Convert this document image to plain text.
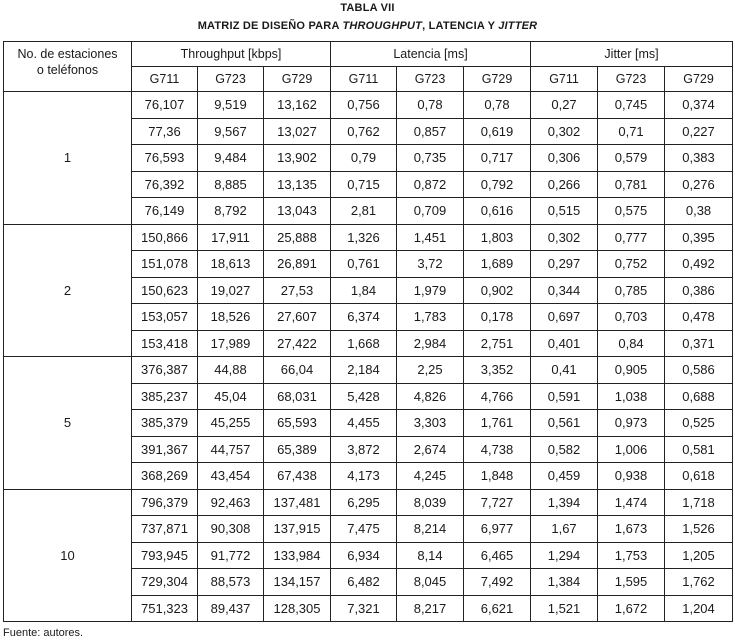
TABLA VII
MATRIZ DE DISEÑO PARA THROUGHPUT, LATENCIA Y JITTER
No. de estaciones
o teléfonos	Throughput [kbps]			Latencia [ms]			Jitter [ms]		
	G711	G723	G729	G711	G723	G729	G711	G723	G729
1	76,107	9,519	13,162	0,756	0,78	0,78	0,27	0,745	0,374
	77,36	9,567	13,027	0,762	0,857	0,619	0,302	0,71	0,227
	76,593	9,484	13,902	0,79	0,735	0,717	0,306	0,579	0,383
	76,392	8,885	13,135	0,715	0,872	0,792	0,266	0,781	0,276
	76,149	8,792	13,043	2,81	0,709	0,616	0,515	0,575	0,38
2	150,866	17,911	25,888	1,326	1,451	1,803	0,302	0,777	0,395
	151,078	18,613	26,891	0,761	3,72	1,689	0,297	0,752	0,492
	150,623	19,027	27,53	1,84	1,979	0,902	0,344	0,785	0,386
	153,057	18,526	27,607	6,374	1,783	0,178	0,697	0,703	0,478
	153,418	17,989	27,422	1,668	2,984	2,751	0,401	0,84	0,371
5	376,387	44,88	66,04	2,184	2,25	3,352	0,41	0,905	0,586
	385,237	45,04	68,031	5,428	4,826	4,766	0,591	1,038	0,688
	385,379	45,255	65,593	4,455	3,303	1,761	0,561	0,973	0,525
	391,367	44,757	65,389	3,872	2,674	4,738	0,582	1,006	0,581
	368,269	43,454	67,438	4,173	4,245	1,848	0,459	0,938	0,618
10	796,379	92,463	137,481	6,295	8,039	7,727	1,394	1,474	1,718
	737,871	90,308	137,915	7,475	8,214	6,977	1,67	1,673	1,526
	793,945	91,772	133,984	6,934	8,14	6,465	1,294	1,753	1,205
	729,304	88,573	134,157	6,482	8,045	7,492	1,384	1,595	1,762
	751,323	89,437	128,305	7,321	8,217	6,621	1,521	1,672	1,204
Fuente: autores.
